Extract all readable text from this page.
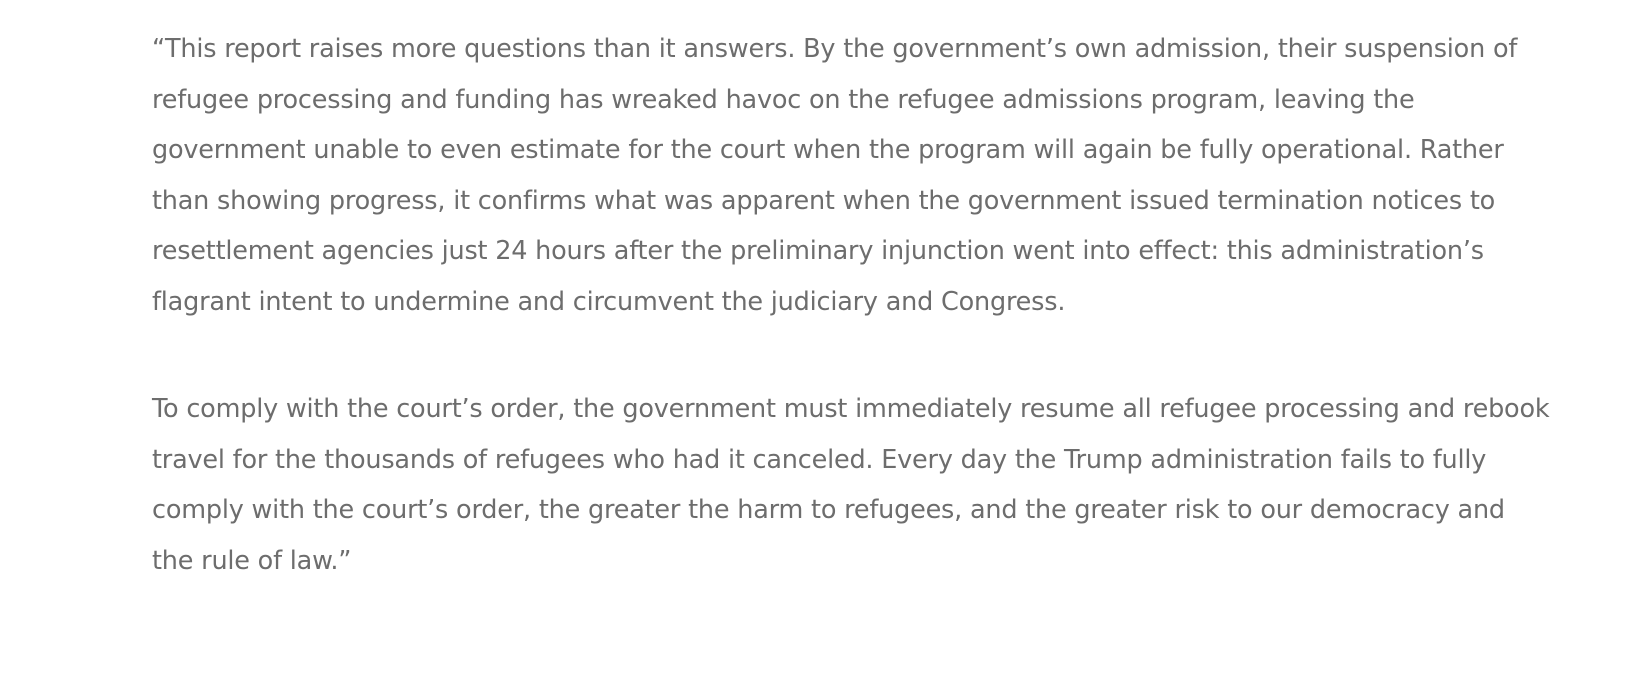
“This report raises more questions than it answers. By the government’s own admission, their suspension of refugee processing and funding has wreaked havoc on the refugee admissions program, leaving the government unable to even estimate for the court when the program will again be fully operational. Rather than showing progress, it confirms what was apparent when the government issued termination notices to resettlement agencies just 24 hours after the preliminary injunction went into effect: this administration’s flagrant intent to undermine and circumvent the judiciary and Congress.

To comply with the court’s order, the government must immediately resume all refugee processing and rebook travel for the thousands of refugees who had it canceled. Every day the Trump administration fails to fully comply with the court’s order, the greater the harm to refugees, and the greater risk to our democracy and the rule of law.”
